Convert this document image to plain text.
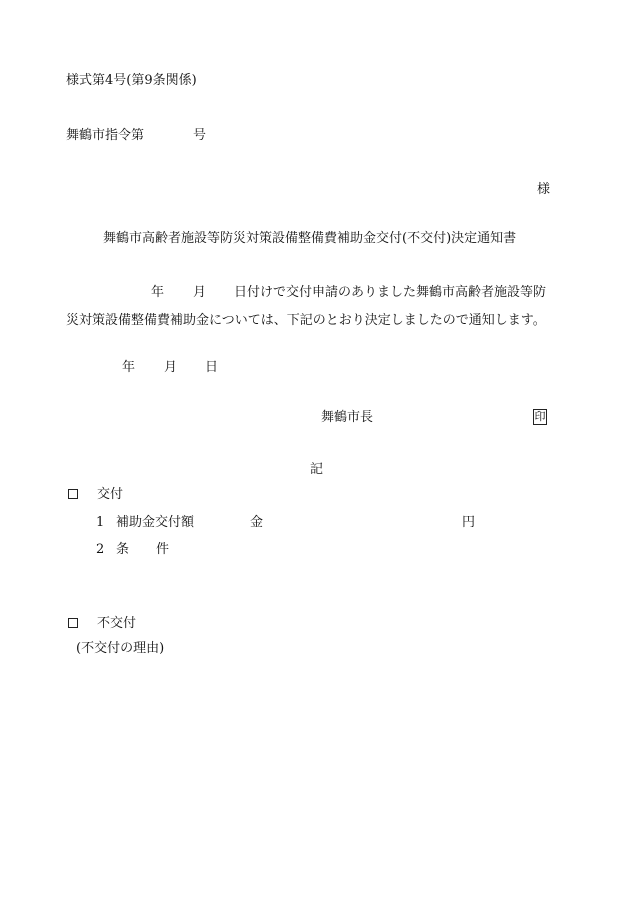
様式第4号(第9条関係)
舞鶴市指令第	号
様
舞鶴市高齢者施設等防災対策設備整備費補助金交付(不交付)決定通知書
年 月 日付けで交付申請のありました舞鶴市高齢者施設等防
災対策設備整備費補助金については、下記のとおり決定しましたので通知します。
年 月 日
舞鶴市長	印
記
交付
1 補助金交付額	金	円
2 条 件
不交付
(不交付の理由)
